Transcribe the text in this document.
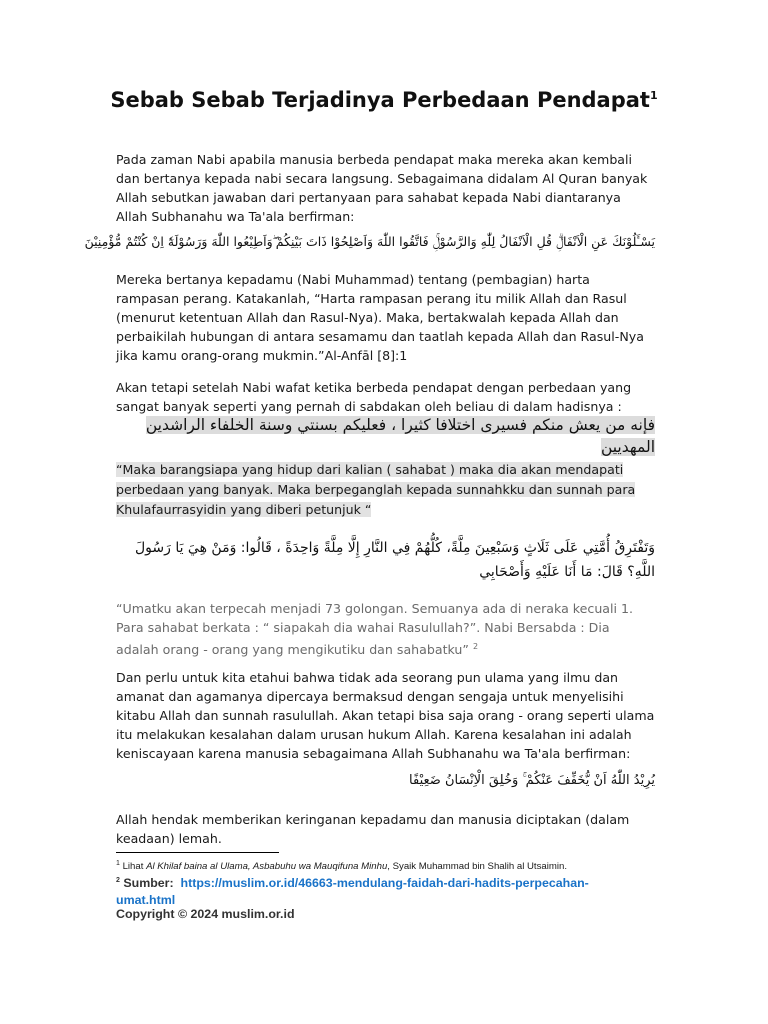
Sebab Sebab Terjadinya Perbedaan Pendapat$^1$

Pada zaman Nabi apabila manusia berbeda pendapat maka mereka akan kembali dan bertanya kepada nabi secara langsung. Sebagaimana didalam Al Quran banyak Allah sebutkan jawaban dari pertanyaan para sahabat kepada Nabi diantaranya Allah Subhanahu wa Ta'ala berfirman:

يَسْـَٔلُوْنَكَ عَنِ الْاَنْفَالِۗ قُلِ الْاَنْفَالُ لِلّٰهِ وَالرَّسُوْلِۚ فَاتَّقُوا اللّٰهَ وَاَصْلِحُوْا ذَاتَ بَيْنِكُمْ ۖوَاَطِيْعُوا اللّٰهَ وَرَسُوْلَهٗٓ اِنْ كُنْتُمْ مُّؤْمِنِيْنَ

Mereka bertanya kepadamu (Nabi Muhammad) tentang (pembagian) harta rampasan perang. Katakanlah, “Harta rampasan perang itu milik Allah dan Rasul (menurut ketentuan Allah dan Rasul-Nya). Maka, bertakwalah kepada Allah dan perbaikilah hubungan di antara sesamamu dan taatlah kepada Allah dan Rasul-Nya jika kamu orang-orang mukmin.”Al-Anfāl [8]:1

Akan tetapi setelah Nabi wafat ketika berbeda pendapat dengan perbedaan yang sangat banyak seperti yang pernah di sabdakan oleh beliau di dalam hadisnya :

فإنه من يعش منكم فسيرى اختلافا كثيرا ، فعليكم بسنتي وسنة الخلفاء الراشدين المهديين

“Maka barangsiapa yang hidup dari kalian ( sahabat ) maka dia akan mendapati perbedaan yang banyak. Maka berpeganglah kepada sunnahkku dan sunnah para Khulafaurrasyidin yang diberi petunjuk “

وَتَفْتَرِقُ أُمَّتِي عَلَى ثَلَاثٍ وَسَبْعِينَ مِلَّةً، كُلُّهُمْ فِي النَّارِ إِلَّا مِلَّةً وَاحِدَةً ، قَالُوا: وَمَنْ هِيَ يَا رَسُولَ اللَّهِ؟ قَالَ: مَا أَنَا عَلَيْهِ وَأَصْحَابِي

“Umatku akan terpecah menjadi 73 golongan. Semuanya ada di neraka kecuali 1. Para sahabat berkata : “ siapakah dia wahai Rasulullah?”. Nabi Bersabda : Dia adalah orang - orang yang mengikutiku dan sahabatku” $^2$

Dan perlu untuk kita etahui bahwa tidak ada seorang pun ulama yang ilmu dan amanat dan agamanya dipercaya bermaksud dengan sengaja untuk menyelisihi kitabu Allah dan sunnah rasulullah. Akan tetapi bisa saja orang - orang seperti ulama itu melakukan kesalahan dalam urusan hukum Allah. Karena kesalahan ini adalah keniscayaan karena manusia sebagaimana Allah Subhanahu wa Ta'ala berfirman:

يُرِيْدُ اللّٰهُ اَنْ يُّخَفِّفَ عَنْكُمْ ۚ وَخُلِقَ الْاِنْسَانُ ضَعِيْفًا

Allah hendak memberikan keringanan kepadamu dan manusia diciptakan (dalam keadaan) lemah.

$^1$ Lihat Al Khilaf baina al Ulama, Asbabuhu wa Mauqifuna Minhu, Syaik Muhammad bin Shalih al Utsaimin.

$^2$ Sumber: https://muslim.or.id/46663-mendulang-faidah-dari-hadits-perpecahan-umat.html

Copyright © 2024 muslim.or.id
